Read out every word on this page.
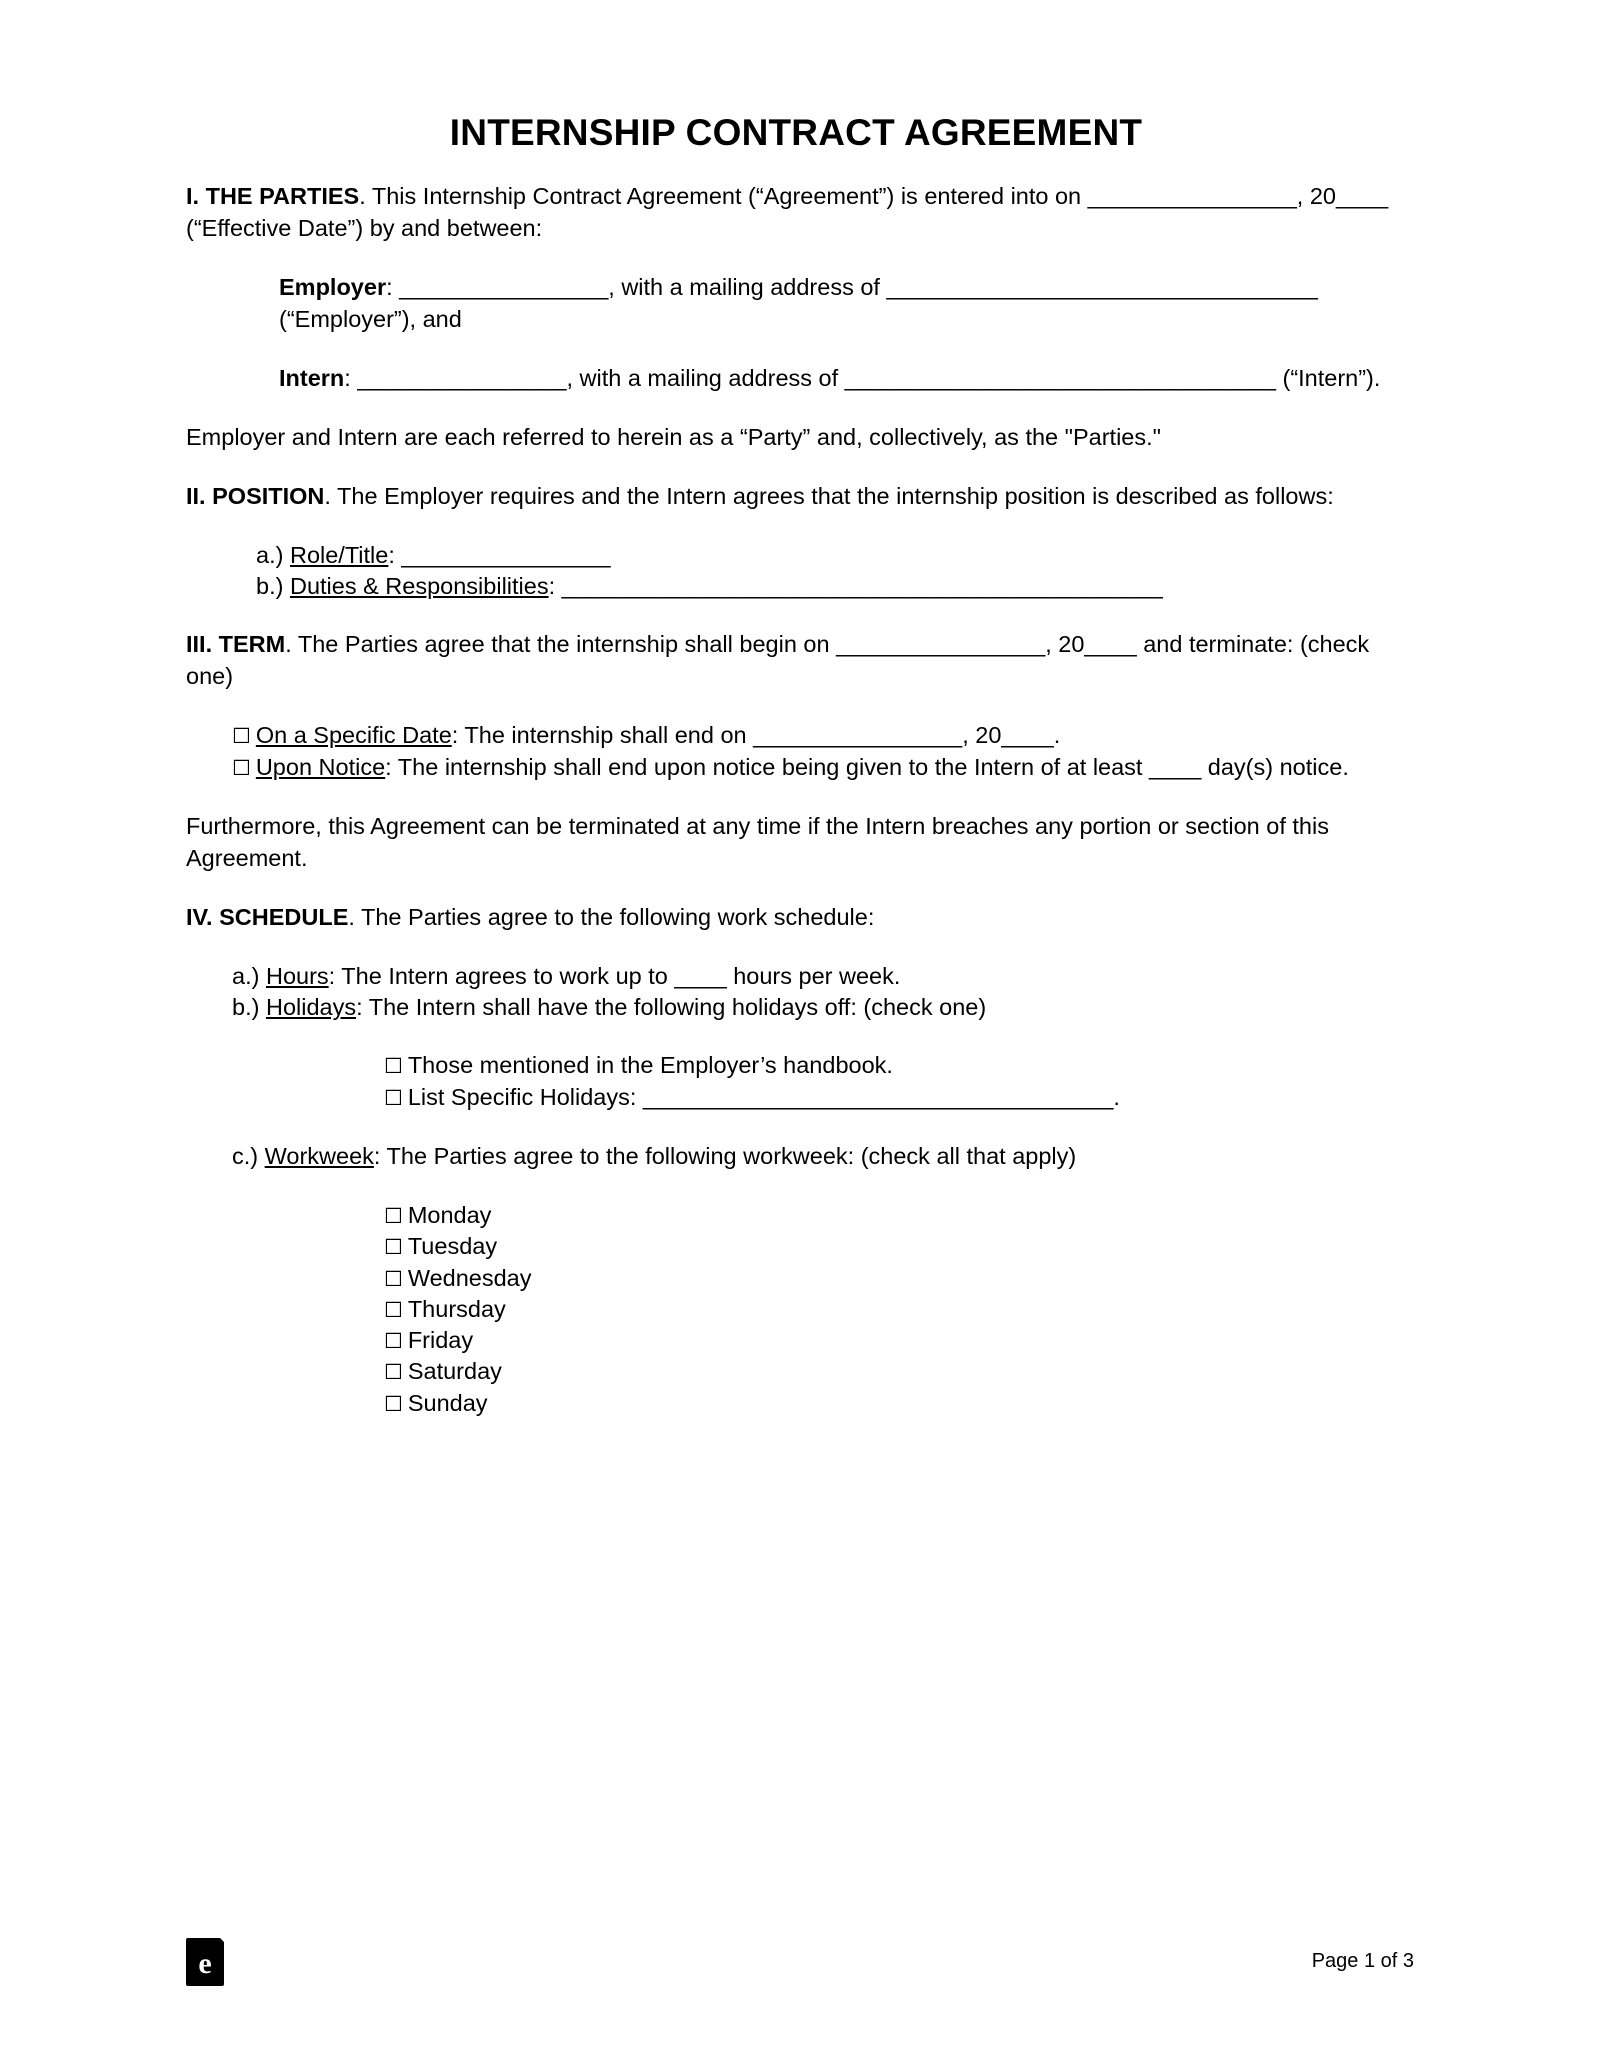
INTERNSHIP CONTRACT AGREEMENT

I. THE PARTIES. This Internship Contract Agreement (“Agreement”) is entered into on ________________, 20____ (“Effective Date”) by and between:

Employer: ________________, with a mailing address of _________________________________ (“Employer”), and

Intern: ________________, with a mailing address of _________________________________ (“Intern”).

Employer and Intern are each referred to herein as a “Party” and, collectively, as the "Parties."

II. POSITION. The Employer requires and the Intern agrees that the internship position is described as follows:

a.) Role/Title: ________________

b.) Duties & Responsibilities: ______________________________________________

III. TERM. The Parties agree that the internship shall begin on ________________, 20____ and terminate: (check one)

☐ On a Specific Date: The internship shall end on ________________, 20____.

☐ Upon Notice: The internship shall end upon notice being given to the Intern of at least ____ day(s) notice.

Furthermore, this Agreement can be terminated at any time if the Intern breaches any portion or section of this Agreement.

IV. SCHEDULE. The Parties agree to the following work schedule:

a.) Hours: The Intern agrees to work up to ____ hours per week.

b.) Holidays: The Intern shall have the following holidays off: (check one)

☐ Those mentioned in the Employer’s handbook.

☐ List Specific Holidays: ____________________________________.

c.) Workweek: The Parties agree to the following workweek: (check all that apply)

☐ Monday

☐ Tuesday

☐ Wednesday

☐ Thursday

☐ Friday

☐ Saturday

☐ Sunday

e	Page 1 of 3
